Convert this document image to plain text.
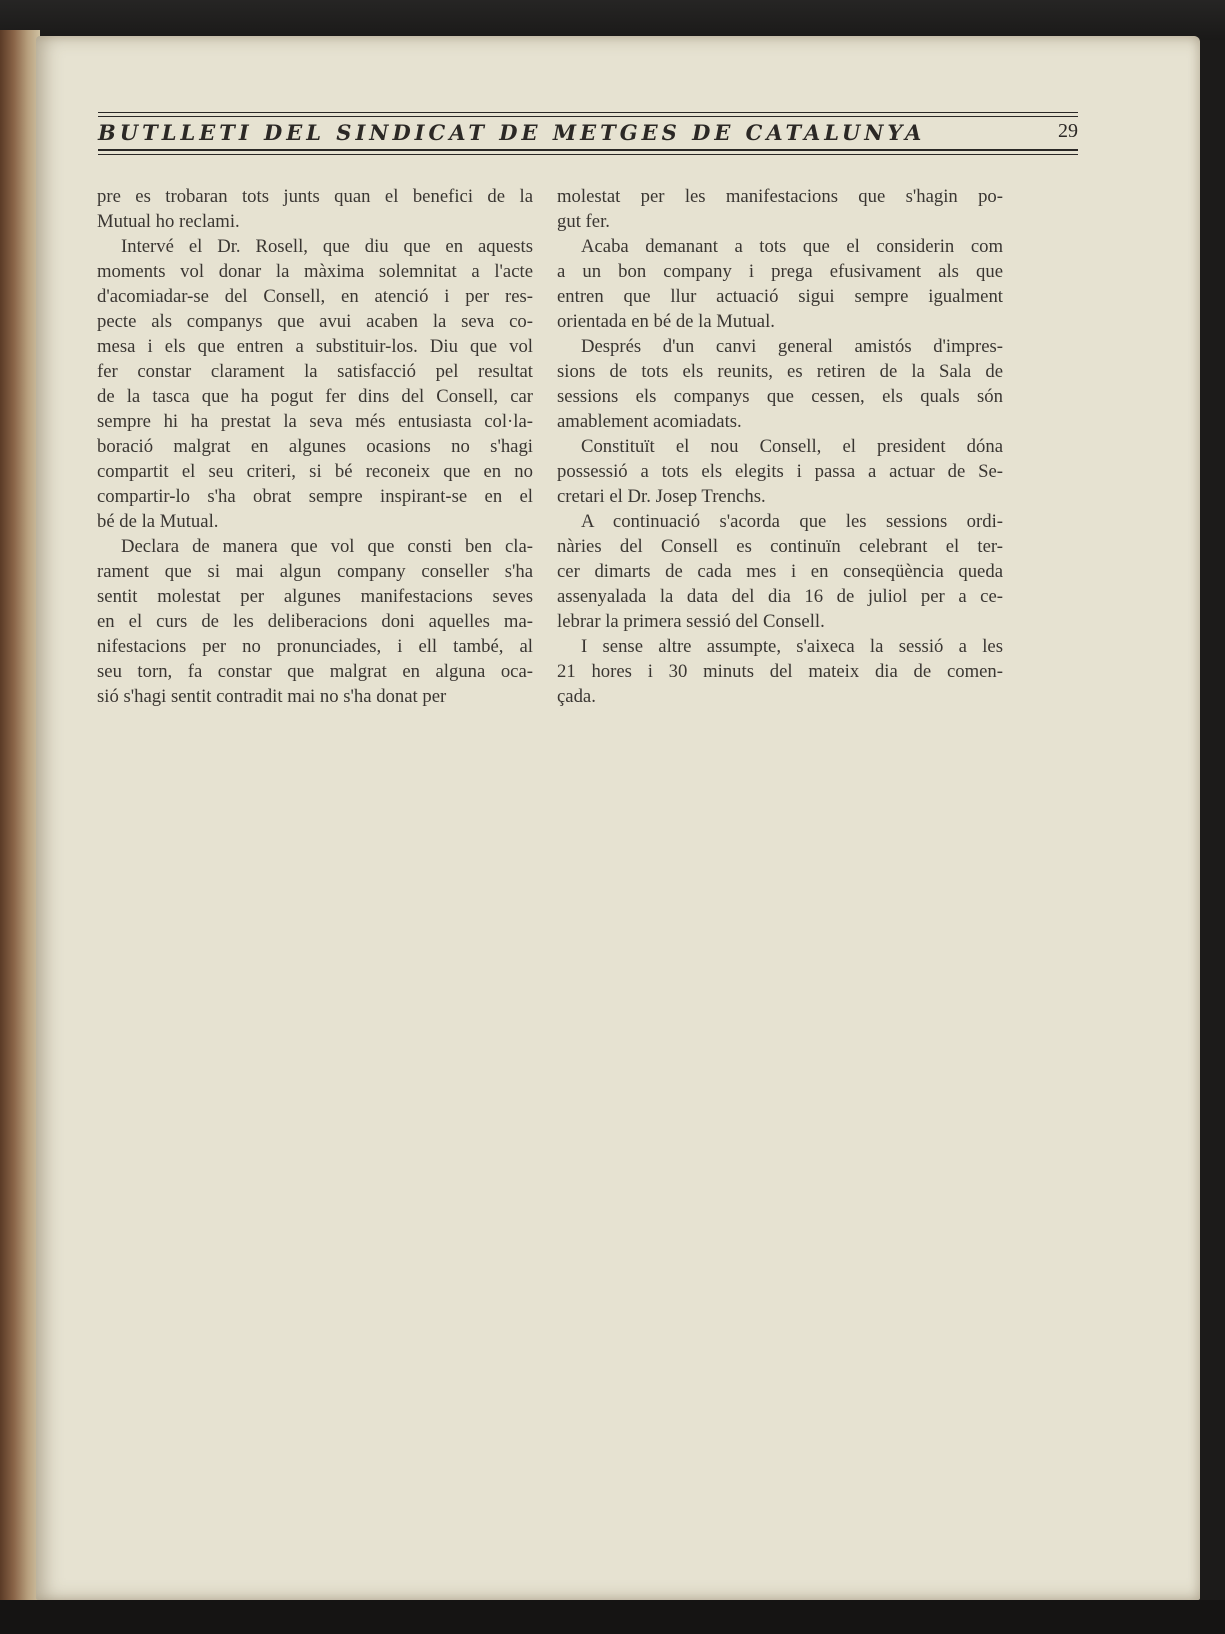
BUTLLETI DEL SINDICAT DE METGES DE CATALUNYA	29

pre es trobaran tots junts quan el benefici de la
Mutual ho reclami.

Intervé el Dr. Rosell, que diu que en aquests
moments vol donar la màxima solemnitat a l'acte
d'acomiadar-se del Consell, en atenció i per res-
pecte als companys que avui acaben la seva co-
mesa i els que entren a substituir-los. Diu que vol
fer constar clarament la satisfacció pel resultat
de la tasca que ha pogut fer dins del Consell, car
sempre hi ha prestat la seva més entusiasta col·la-
boració malgrat en algunes ocasions no s'hagi
compartit el seu criteri, si bé reconeix que en no
compartir-lo s'ha obrat sempre inspirant-se en el
bé de la Mutual.

Declara de manera que vol que consti ben cla-
rament que si mai algun company conseller s'ha
sentit molestat per algunes manifestacions seves
en el curs de les deliberacions doni aquelles ma-
nifestacions per no pronunciades, i ell també, al
seu torn, fa constar que malgrat en alguna oca-
sió s'hagi sentit contradit mai no s'ha donat per

molestat per les manifestacions que s'hagin po-
gut fer.

Acaba demanant a tots que el considerin com
a un bon company i prega efusivament als que
entren que llur actuació sigui sempre igualment
orientada en bé de la Mutual.

Després d'un canvi general amistós d'impres-
sions de tots els reunits, es retiren de la Sala de
sessions els companys que cessen, els quals són
amablement acomiadats.

Constituït el nou Consell, el president dóna
possessió a tots els elegits i passa a actuar de Se-
cretari el Dr. Josep Trenchs.

A continuació s'acorda que les sessions ordi-
nàries del Consell es continuïn celebrant el ter-
cer dimarts de cada mes i en conseqüència queda
assenyalada la data del dia 16 de juliol per a ce-
lebrar la primera sessió del Consell.

I sense altre assumpte, s'aixeca la sessió a les
21 hores i 30 minuts del mateix dia de comen-
çada.
